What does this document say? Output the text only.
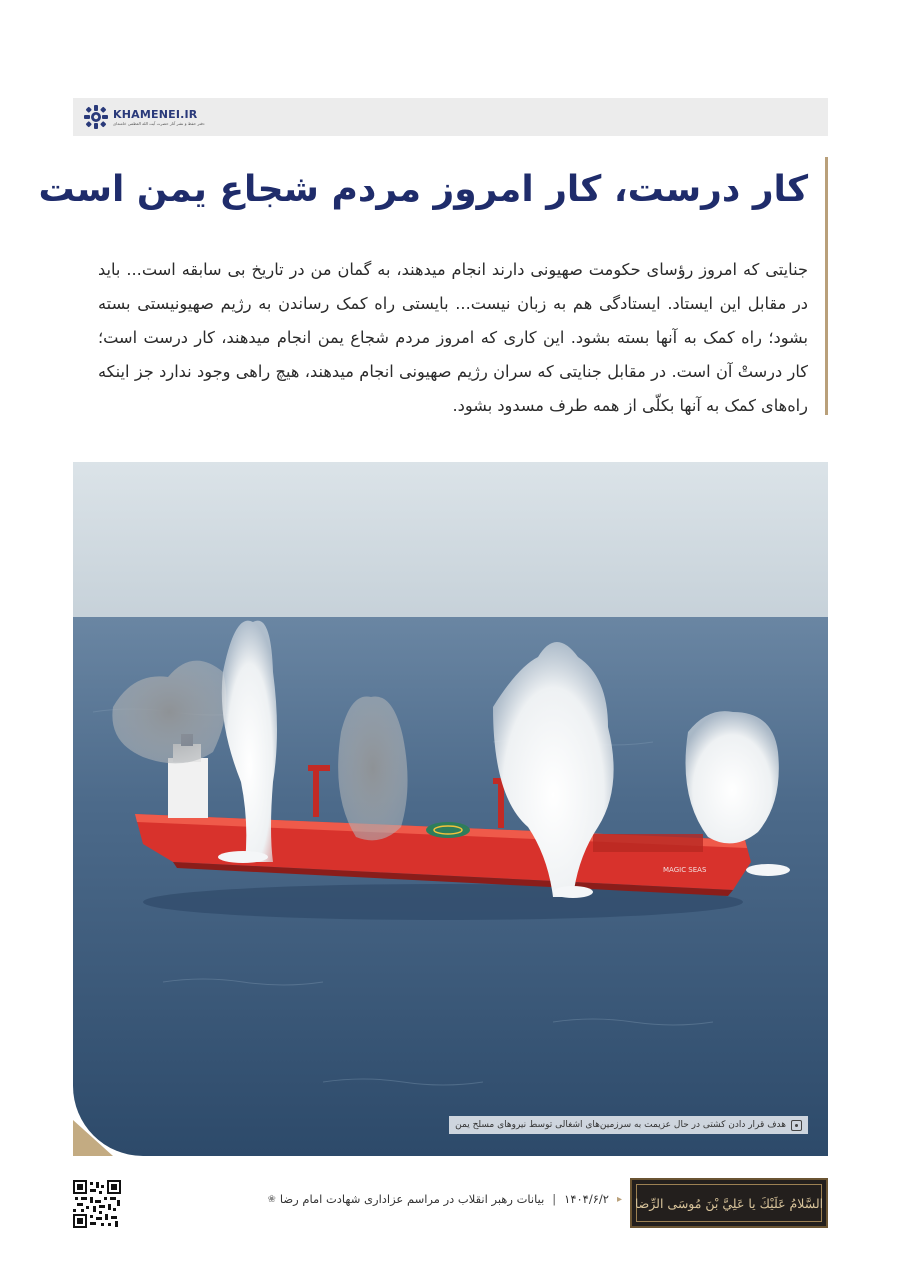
KHAMENEI.IR
دفتر حفظ و نشر آثار حضرت آیت الله العظمی خامنه‌ای
کار درست، کار امروز مردم شجاع یمن است

جنایتی که امروز رؤسای حکومت صهیونی دارند انجام میدهند، به گمان من در تاریخ بی سابقه است... باید در مقابل این ایستاد. ایستادگی هم به زبان نیست... بایستی راه کمک رساندن به رژیم صهیونیستی بسته بشود؛ راه کمک به آنها بسته بشود. این کاری که امروز مردم شجاع یمن انجام میدهند، کار درست است؛ کار درستْ آن است. در مقابل جنایتی که سران رژیم صهیونی انجام میدهند، هیچ راهی وجود ندارد جز اینکه راه‌های کمک به آنها بکلّی از همه طرف مسدود بشود.

MAGIC SEAS
هدف قرار دادن کشتی در حال عزیمت به سرزمین‌های اشغالی توسط نیروهای مسلح یمن
▸
۱۴۰۴/۶/۲
|
بیانات رهبر انقلاب در مراسم عزاداری شهادت امام رضا
❀	السَّلامُ عَلَيْكَ يا عَلِيَّ بْنَ مُوسَى الرِّضا
